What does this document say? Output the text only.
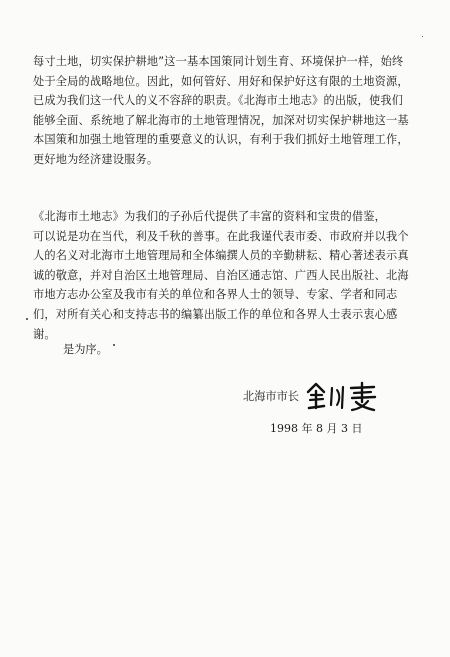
每寸土地，切实保护耕地”这一基本国策同计划生育、环境保护一样，始终
处于全局的战略地位。因此，如何管好、用好和保护好这有限的土地资源，
已成为我们这一代人的义不容辞的职责。《北海市土地志》的出版，使我们
能够全面、系统地了解北海市的土地管理情况，加深对切实保护耕地这一基
本国策和加强土地管理的重要意义的认识，有利于我们抓好土地管理工作，
更好地为经济建设服务。
《北海市土地志》为我们的子孙后代提供了丰富的资料和宝贵的借鉴，
可以说是功在当代，利及千秋的善事。在此我谨代表市委、市政府并以我个
人的名义对北海市土地管理局和全体编撰人员的辛勤耕耘、精心著述表示真
诚的敬意，并对自治区土地管理局、自治区通志馆、广西人民出版社、北海
市地方志办公室及我市有关的单位和各界人士的领导、专家、学者和同志
们，对所有关心和支持志书的编纂出版工作的单位和各界人士表示衷心感
谢。
是为序。
北海市市长
1998 年 8 月 3 日
